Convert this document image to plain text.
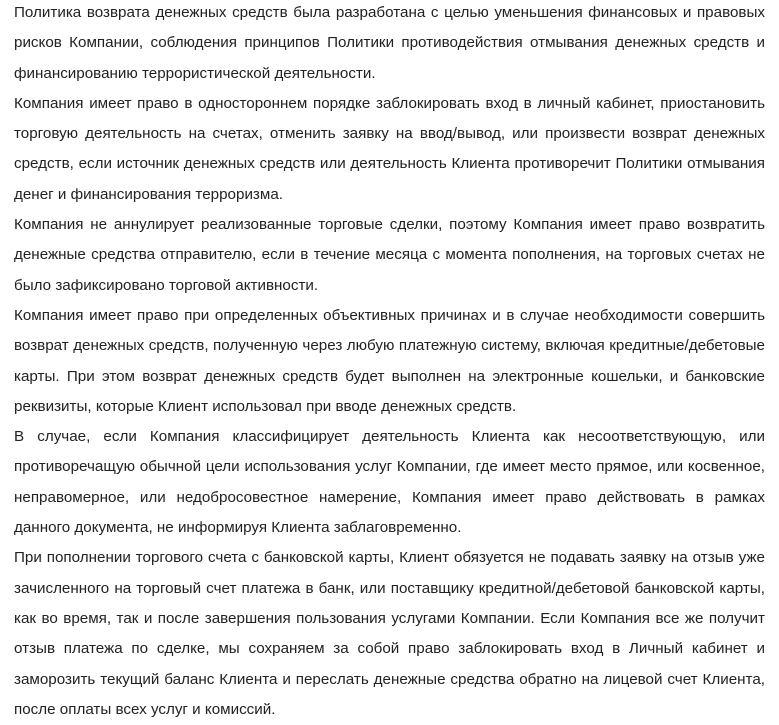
Политика возврата денежных средств была разработана с целью уменьшения финансовых и правовых рисков Компании, соблюдения принципов Политики противодействия отмывания денежных средств и финансированию террористической деятельности.

Компания имеет право в одностороннем порядке заблокировать вход в личный кабинет, приостановить торговую деятельность на счетах, отменить заявку на ввод/вывод, или произвести возврат денежных средств, если источник денежных средств или деятельность Клиента противоречит Политики отмывания денег и финансирования терроризма.

Компания не аннулирует реализованные торговые сделки, поэтому Компания имеет право возвратить денежные средства отправителю, если в течение месяца с момента пополнения, на торговых счетах не было зафиксировано торговой активности.

Компания имеет право при определенных объективных причинах и в случае необходимости совершить возврат денежных средств, полученную через любую платежную систему, включая кредитные/дебетовые карты. При этом возврат денежных средств будет выполнен на электронные кошельки, и банковские реквизиты, которые Клиент использовал при вводе денежных средств.

В случае, если Компания классифицирует деятельность Клиента как несоответствующую, или противоречащую обычной цели использования услуг Компании, где имеет место прямое, или косвенное, неправомерное, или недобросовестное намерение, Компания имеет право действовать в рамках данного документа, не информируя Клиента заблаговременно.

При пополнении торгового счета с банковской карты, Клиент обязуется не подавать заявку на отзыв уже зачисленного на торговый счет платежа в банк, или поставщику кредитной/дебетовой банковской карты, как во время, так и после завершения пользования услугами Компании. Если Компания все же получит отзыв платежа по сделке, мы сохраняем за собой право заблокировать вход в Личный кабинет и заморозить текущий баланс Клиента и переслать денежные средства обратно на лицевой счет Клиента, после оплаты всех услуг и комиссий.
